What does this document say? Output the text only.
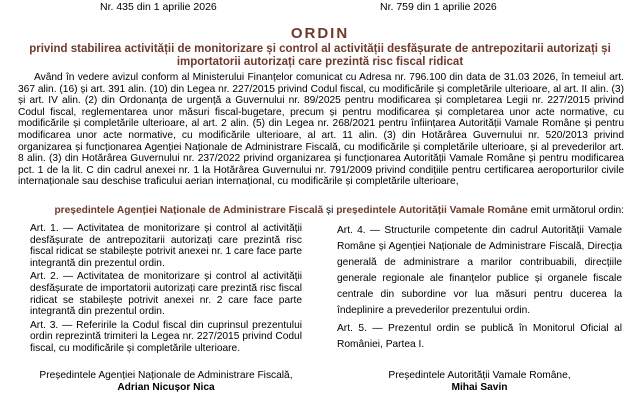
Nr. 435 din 1 aprilie 2026	Nr. 759 din 1 aprilie 2026
ORDIN
privind stabilirea activității de monitorizare și control al activității desfășurate de antrepozitarii autorizați și importatorii autorizați care prezintă risc fiscal ridicat

Având în vedere avizul conform al Ministerului Finanțelor comunicat cu Adresa nr. 796.100 din data de 31.03 2026, în temeiul art. 367 alin. (16) și art. 391 alin. (10) din Legea nr. 227/2015 privind Codul fiscal, cu modificările și completările ulterioare, al art. II alin. (3) și art. IV alin. (2) din Ordonanța de urgență a Guvernului nr. 89/2025 pentru modificarea și completarea Legii nr. 227/2015 privind Codul fiscal, reglementarea unor măsuri fiscal-bugetare, precum și pentru modificarea și completarea unor acte normative, cu modificările și completările ulterioare, al art. 2 alin. (5) din Legea nr. 268/2021 pentru înființarea Autorității Vamale Române și pentru modificarea unor acte normative, cu modificările ulterioare, al art. 11 alin. (3) din Hotărârea Guvernului nr. 520/2013 privind organizarea și funcționarea Agenției Naționale de Administrare Fiscală, cu modificările și completările ulterioare, și al prevederilor art. 8 alin. (3) din Hotărârea Guvernului nr. 237/2022 privind organizarea și funcționarea Autorității Vamale Române și pentru modificarea pct. 1 de la lit. C din cadrul anexei nr. 1 la Hotărârea Guvernului nr. 791/2009 privind condițiile pentru certificarea aeroporturilor civile internaționale sau deschise traficului aerian internațional, cu modificările și completările ulterioare,

președintele Agenției Naționale de Administrare Fiscală și președintele Autorității Vamale Române emit următorul ordin:

Art. 1. — Activitatea de monitorizare și control al activității desfășurate de antrepozitarii autorizați care prezintă risc fiscal ridicat se stabilește potrivit anexei nr. 1 care face parte integrantă din prezentul ordin.

Art. 2. — Activitatea de monitorizare și control al activității desfășurate de importatorii autorizați care prezintă risc fiscal ridicat se stabilește potrivit anexei nr. 2 care face parte integrantă din prezentul ordin.

Art. 3. — Referirile la Codul fiscal din cuprinsul prezentului ordin reprezintă trimiteri la Legea nr. 227/2015 privind Codul fiscal, cu modificările și completările ulterioare.

Art. 4. — Structurile competente din cadrul Autorității Vamale Române și Agenției Naționale de Administrare Fiscală, Direcția generală de administrare a marilor contribuabili, direcțiile generale regionale ale finanțelor publice și organele fiscale centrale din subordine vor lua măsuri pentru ducerea la îndeplinire a prevederilor prezentului ordin.

Art. 5. — Prezentul ordin se publică în Monitorul Oficial al României, Partea I.

Președintele Agenției Naționale de Administrare Fiscală,
Adrian Nicușor Nica
Președintele Autorității Vamale Române,
Mihai Savin
